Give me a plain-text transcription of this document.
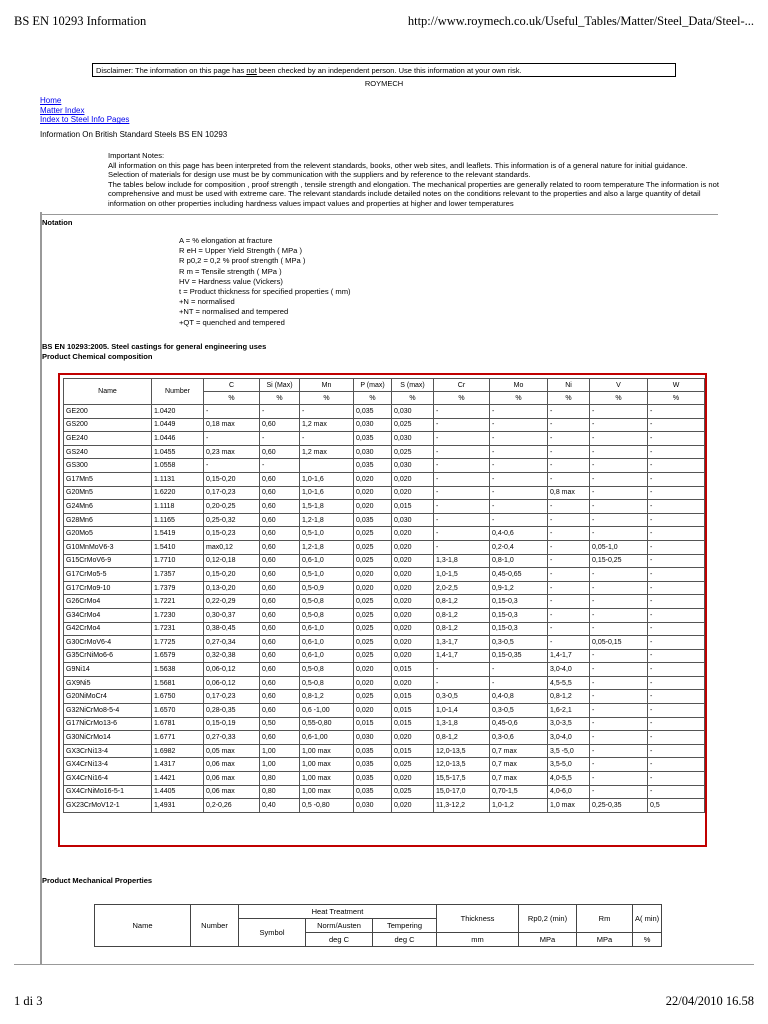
BS EN 10293 Information	http://www.roymech.co.uk/Useful_Tables/Matter/Steel_Data/Steel-...
Disclaimer: The information on this page has not been checked by an independent person. Use this information at your own risk.
ROYMECH
Home
Matter Index
Index to Steel Info Pages
Information On British Standard Steels BS EN 10293

Important Notes:

All information on this page has been interpreted from the relevent standards, books, other web sites, andl leaflets. This information is of a general nature for initial guidance. Selection of materials for design use must be by communication with the suppliers and by reference to the relevant standards.

The tables below include for composition , proof strength , tensile strength and elongation. The mechanical properties are generally related to room temperature The information is not comprehensive and must be used with extreme care. The relevant standards include detailed notes on the conditions relevant to the properties and also a large quantity of detail information on other properties including hardness values impact values and properties at higher and lower temperatures

Notation
A = % elongation at fracture
R eH = Upper Yield Strength ( MPa )
R p0,2 = 0,2 % proof strength ( MPa )
R m = Tensile strength ( MPa )
HV = Hardness value (Vickers)
t = Product thickness for specified properties ( mm)
+N = normalised
+NT = normalised and tempered
+QT = quenched and tempered
BS EN 10293:2005. Steel castings for general engineering uses
Product Chemical composition
Name	Number	C	Si (Max)	Mn	P (max)	S (max)	Cr	Mo	Ni	V	W
		%	%	%	%	%	%	%	%	%	%
GE200	1.0420	-	-	-	0,035	0,030	-	-	-	-	-
GS200	1.0449	0,18 max	0,60	1,2 max	0,030	0,025	-	-	-	-	-
GE240	1.0446	-	-	-	0,035	0,030	-	-	-	-	-
GS240	1.0455	0,23 max	0,60	1,2 max	0,030	0,025	-	-	-	-	-
GS300	1.0558	-	-		0,035	0,030	-	-	-	-	-
G17Mn5	1.1131	0,15-0,20	0,60	1,0-1,6	0,020	0,020	-	-	-	-	-
G20Mn5	1.6220	0,17-0,23	0,60	1,0-1,6	0,020	0,020	-	-	0,8 max	-	-
G24Mn6	1.1118	0,20-0,25	0,60	1,5-1,8	0,020	0,015	-	-	-	-	-
G28Mn6	1.1165	0,25-0,32	0,60	1,2-1,8	0,035	0,030	-	-	-	-	-
G20Mo5	1.5419	0,15-0,23	0,60	0,5-1,0	0,025	0,020	-	0,4-0,6	-	-	-
G10MnMoV6-3	1.5410	max0,12	0,60	1,2-1,8	0,025	0,020	-	0,2-0,4	-	0,05-1,0	-
G15CrMoV6-9	1.7710	0,12-0,18	0,60	0,6-1,0	0,025	0,020	1,3-1,8	0,8-1,0	-	0,15-0,25	-
G17CrMo5-5	1.7357	0,15-0,20	0,60	0,5-1,0	0,020	0,020	1,0-1,5	0,45-0,65	-	-	-
G17CrMo9-10	1.7379	0,13-0,20	0,60	0,5-0,9	0,020	0,020	2,0-2,5	0,9-1,2	-	-	-
G26CrMo4	1.7221	0,22-0,29	0,60	0,5-0,8	0,025	0,020	0,8-1,2	0,15-0,3	-	-	-
G34CrMo4	1.7230	0,30-0,37	0,60	0,5-0,8	0,025	0,020	0,8-1,2	0,15-0,3	-	-	-
G42CrMo4	1.7231	0,38-0,45	0,60	0,6-1,0	0,025	0,020	0,8-1,2	0,15-0,3	-	-	-
G30CrMoV6-4	1.7725	0,27-0,34	0,60	0,6-1,0	0,025	0,020	1,3-1,7	0,3-0,5	-	0,05-0,15	-
G35CrNiMo6-6	1.6579	0,32-0,38	0,60	0,6-1,0	0,025	0,020	1,4-1,7	0,15-0,35	1,4-1,7	-	-
G9Ni14	1.5638	0,06-0,12	0,60	0,5-0,8	0,020	0,015	-	-	3,0-4,0	-	-
GX9Ni5	1.5681	0,06-0,12	0,60	0,5-0,8	0,020	0,020	-	-	4,5-5,5	-	-
G20NiMoCr4	1.6750	0,17-0,23	0,60	0,8-1,2	0,025	0,015	0,3-0,5	0,4-0,8	0,8-1,2	-	-
G32NiCrMo8-5-4	1.6570	0,28-0,35	0,60	0,6 -1,00	0,020	0,015	1,0-1,4	0,3-0,5	1,6-2,1	-	-
G17NiCrMo13-6	1.6781	0,15-0,19	0,50	0,55-0,80	0,015	0,015	1,3-1,8	0,45-0,6	3,0-3,5	-	-
G30NiCrMo14	1.6771	0,27-0,33	0,60	0,6-1,00	0,030	0,020	0,8-1,2	0,3-0,6	3,0-4,0	-	-
GX3CrNi13-4	1.6982	0,05 max	1,00	1,00 max	0,035	0,015	12,0-13,5	0,7 max	3,5 -5,0	-	-
GX4CrNi13-4	1.4317	0,06 max	1,00	1,00 max	0,035	0,025	12,0-13,5	0,7 max	3,5-5,0	-	-
GX4CrNi16-4	1.4421	0,06 max	0,80	1,00 max	0,035	0,020	15,5-17,5	0,7 max	4,0-5,5	-	-
GX4CrNiMo16-5-1	1.4405	0,06 max	0,80	1,00 max	0,035	0,025	15,0-17,0	0,70-1,5	4,0-6,0	-	-
GX23CrMoV12-1	1,4931	0,2-0,26	0,40	0,5 -0,80	0,030	0,020	11,3-12,2	1,0-1,2	1,0 max	0,25-0,35	0,5
Product Mechanical Properties
Name	Number	Heat Treatment			Thickness	Rp0,2 (min)	Rm	A( min)
		Symbol	Norm/Austen	Tempering				
			deg C	deg C	mm	MPa	MPa	%
1 di 3	22/04/2010 16.58
